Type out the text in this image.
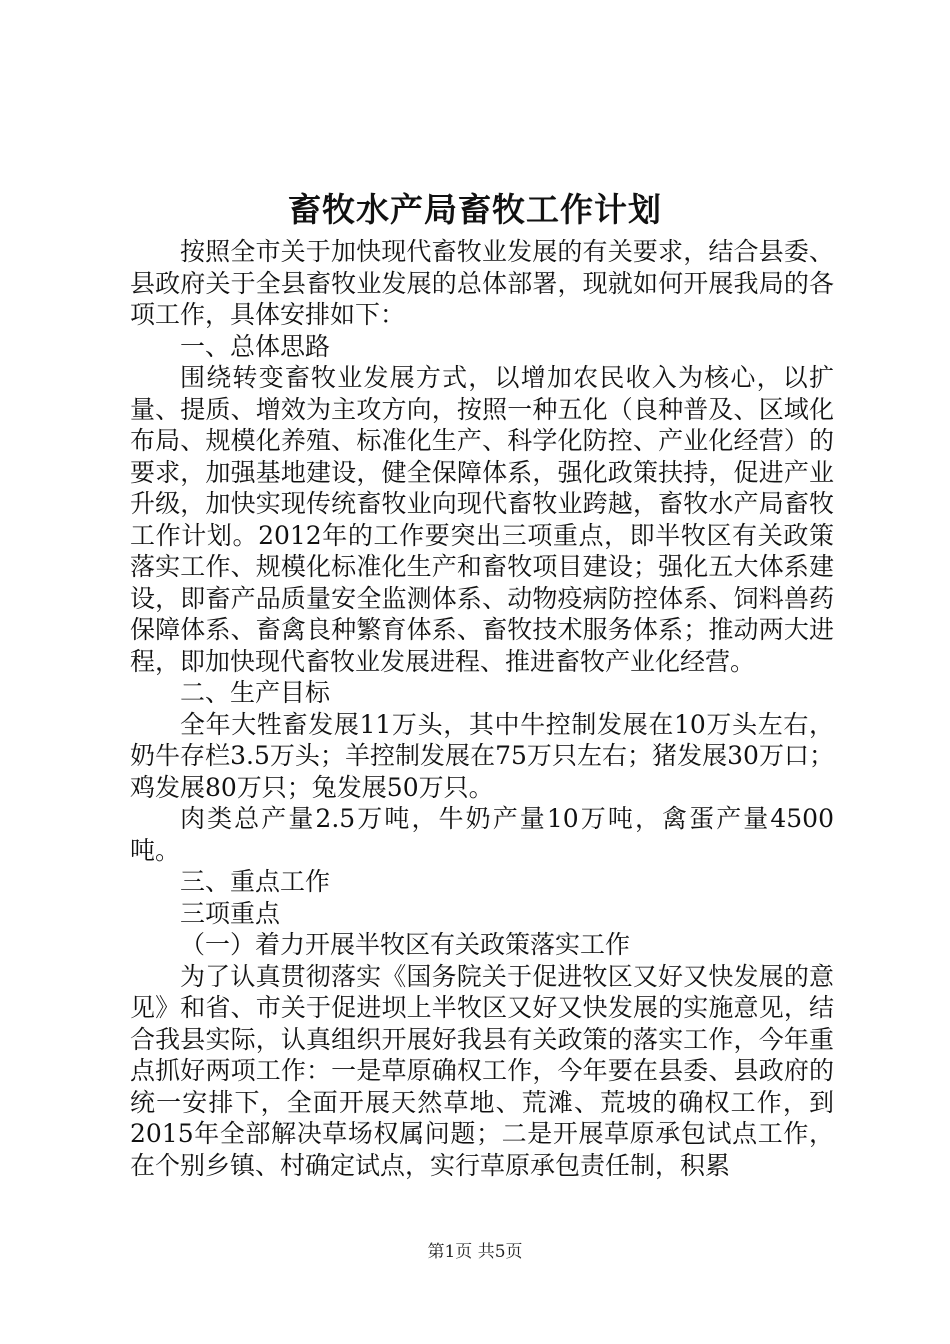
畜牧水产局畜牧工作计划

按照全市关于加快现代畜牧业发展的有关要求，结合县委、县政府关于全县畜牧业发展的总体部署，现就如何开展我局的各项工作，具体安排如下：

一、总体思路

围绕转变畜牧业发展方式，以增加农民收入为核心，以扩量、提质、增效为主攻方向，按照一种五化（良种普及、区域化布局、规模化养殖、标准化生产、科学化防控、产业化经营）的要求，加强基地建设，健全保障体系，强化政策扶持，促进产业升级，加快实现传统畜牧业向现代畜牧业跨越，畜牧水产局畜牧工作计划。2012年的工作要突出三项重点，即半牧区有关政策落实工作、规模化标准化生产和畜牧项目建设；强化五大体系建设，即畜产品质量安全监测体系、动物疫病防控体系、饲料兽药保障体系、畜禽良种繁育体系、畜牧技术服务体系；推动两大进程，即加快现代畜牧业发展进程、推进畜牧产业化经营。

二、生产目标

全年大牲畜发展11万头，其中牛控制发展在10万头左右，奶牛存栏3.5万头；羊控制发展在75万只左右；猪发展30万口；鸡发展80万只；兔发展50万只。

肉类总产量2.5万吨，牛奶产量10万吨，禽蛋产量4500吨。

三、重点工作

三项重点

（一）着力开展半牧区有关政策落实工作

为了认真贯彻落实《国务院关于促进牧区又好又快发展的意见》和省、市关于促进坝上半牧区又好又快发展的实施意见，结合我县实际，认真组织开展好我县有关政策的落实工作，今年重点抓好两项工作：一是草原确权工作，今年要在县委、县政府的统一安排下，全面开展天然草地、荒滩、荒坡的确权工作，到2015年全部解决草场权属问题；二是开展草原承包试点工作，在个别乡镇、村确定试点，实行草原承包责任制，积累

第1页 共5页
